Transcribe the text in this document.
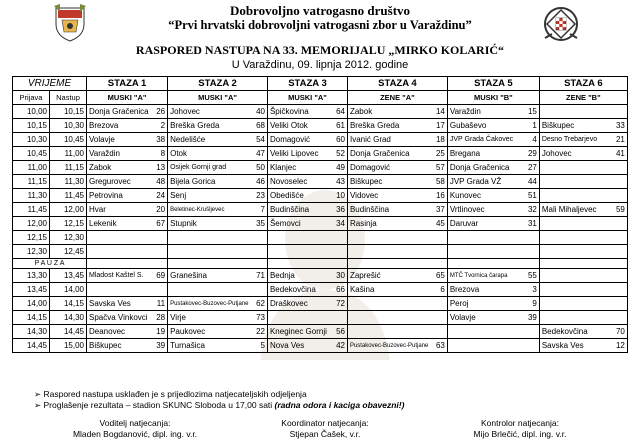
Dobrovoljno vatrogasno društvo
“Prvi hrvatski dobrovoljni vatrogasni zbor u Varaždinu”
RASPORED NASTUPA NA 33. MEMORIJALU „MIRKO KOLARIĆ“
U Varaždinu, 09. lipnja 2012. godine
VRIJEME		STAZA 1		STAZA 2		STAZA 3		STAZA 4		STAZA 5		STAZA 6	
Prijava	Nastup	MUSKI "A"		MUSKI "A"		MUSKI "A"		ZENE "A"		MUSKI "B"		ZENE "B"	
10,00	10,15	Donja Gračenica	26	Johovec	40	Špičkovina	64	Zabok	14	Varaždin	15		
10,15	10,30	Brezova	2	Breška Greda	68	Veliki Otok	61	Breška Greda	17	Gubaševo	1	Biškupec	33
10,30	10,45	Volavje	38	Nedelišće	54	Domagović	60	Ivanić Grad	18	JVP Grada Čakovec	4	Desno Trebarjevo	21
10,45	11,00	Varaždin	8	Otok	47	Veliki Lipovec	52	Donja Gračenica	25	Bregana	29	Johovec	41
11,00	11,15	Zabok	13	Osijek Gornji grad	50	Klanjec	49	Domagović	57	Donja Gračenica	27		
11,15	11,30	Gregurovec	48	Bijela Gorica	46	Novoselec	43	Biškupec	58	JVP Grada VŽ	44		
11,30	11,45	Petrovina	24	Senj	23	Obedišće	10	Vidovec	16	Kunovec	51		
11,45	12,00	Hvar	20	Beletinec-Krušljevec	7	Budinščina	36	Budinščina	37	Vrtlinovec	32	Mali Mihaljevec	59
12,00	12,15	Lekenik	67	Stupnik	35	Šemovci	34	Rasinja	45	Daruvar	31		
12,15	12,30												
12,30	12,45												
P A U Z A													
13,30	13,45	Mladost Kaštel S.	69	Granešina	71	Bednja	30	Zaprešić	65	MTČ Tvornica čarapa	55		
13,45	14,00					Bedekovčina	66	Kašina	6	Brezova	3		
14,00	14,15	Savska Ves	11	Pustakovec-Buzovec-Putjane	62	Draškovec	72			Peroj	9		
14,15	14,30	Spačva Vinkovci	28	Virje	73					Volavje	39		
14,30	14,45	Deanovec	19	Paukovec	22	Kneginec Gornji	56					Bedekovčina	70
14,45	15,00	Biškupec	39	Turnašica	5	Nova Ves	42	Pustakovec-Buzovec-Putjane	63			Savska Ves	12
➢ Raspored nastupa usklađen je s prijedlozima natjecateljskih odjeljenja
➢ Proglašenje rezultata – stadion SKUNC Sloboda u 17,00 sati (radna odora i kaciga obavezni!)
Voditelj natjecanja:
Mladen Bogdanović, dipl. ing. v.r.
Koordinator natjecanja:
Stjepan Čašek, v.r.
Kontrolor natjecanja:
Mijo Brlečić, dipl. ing. v.r.
